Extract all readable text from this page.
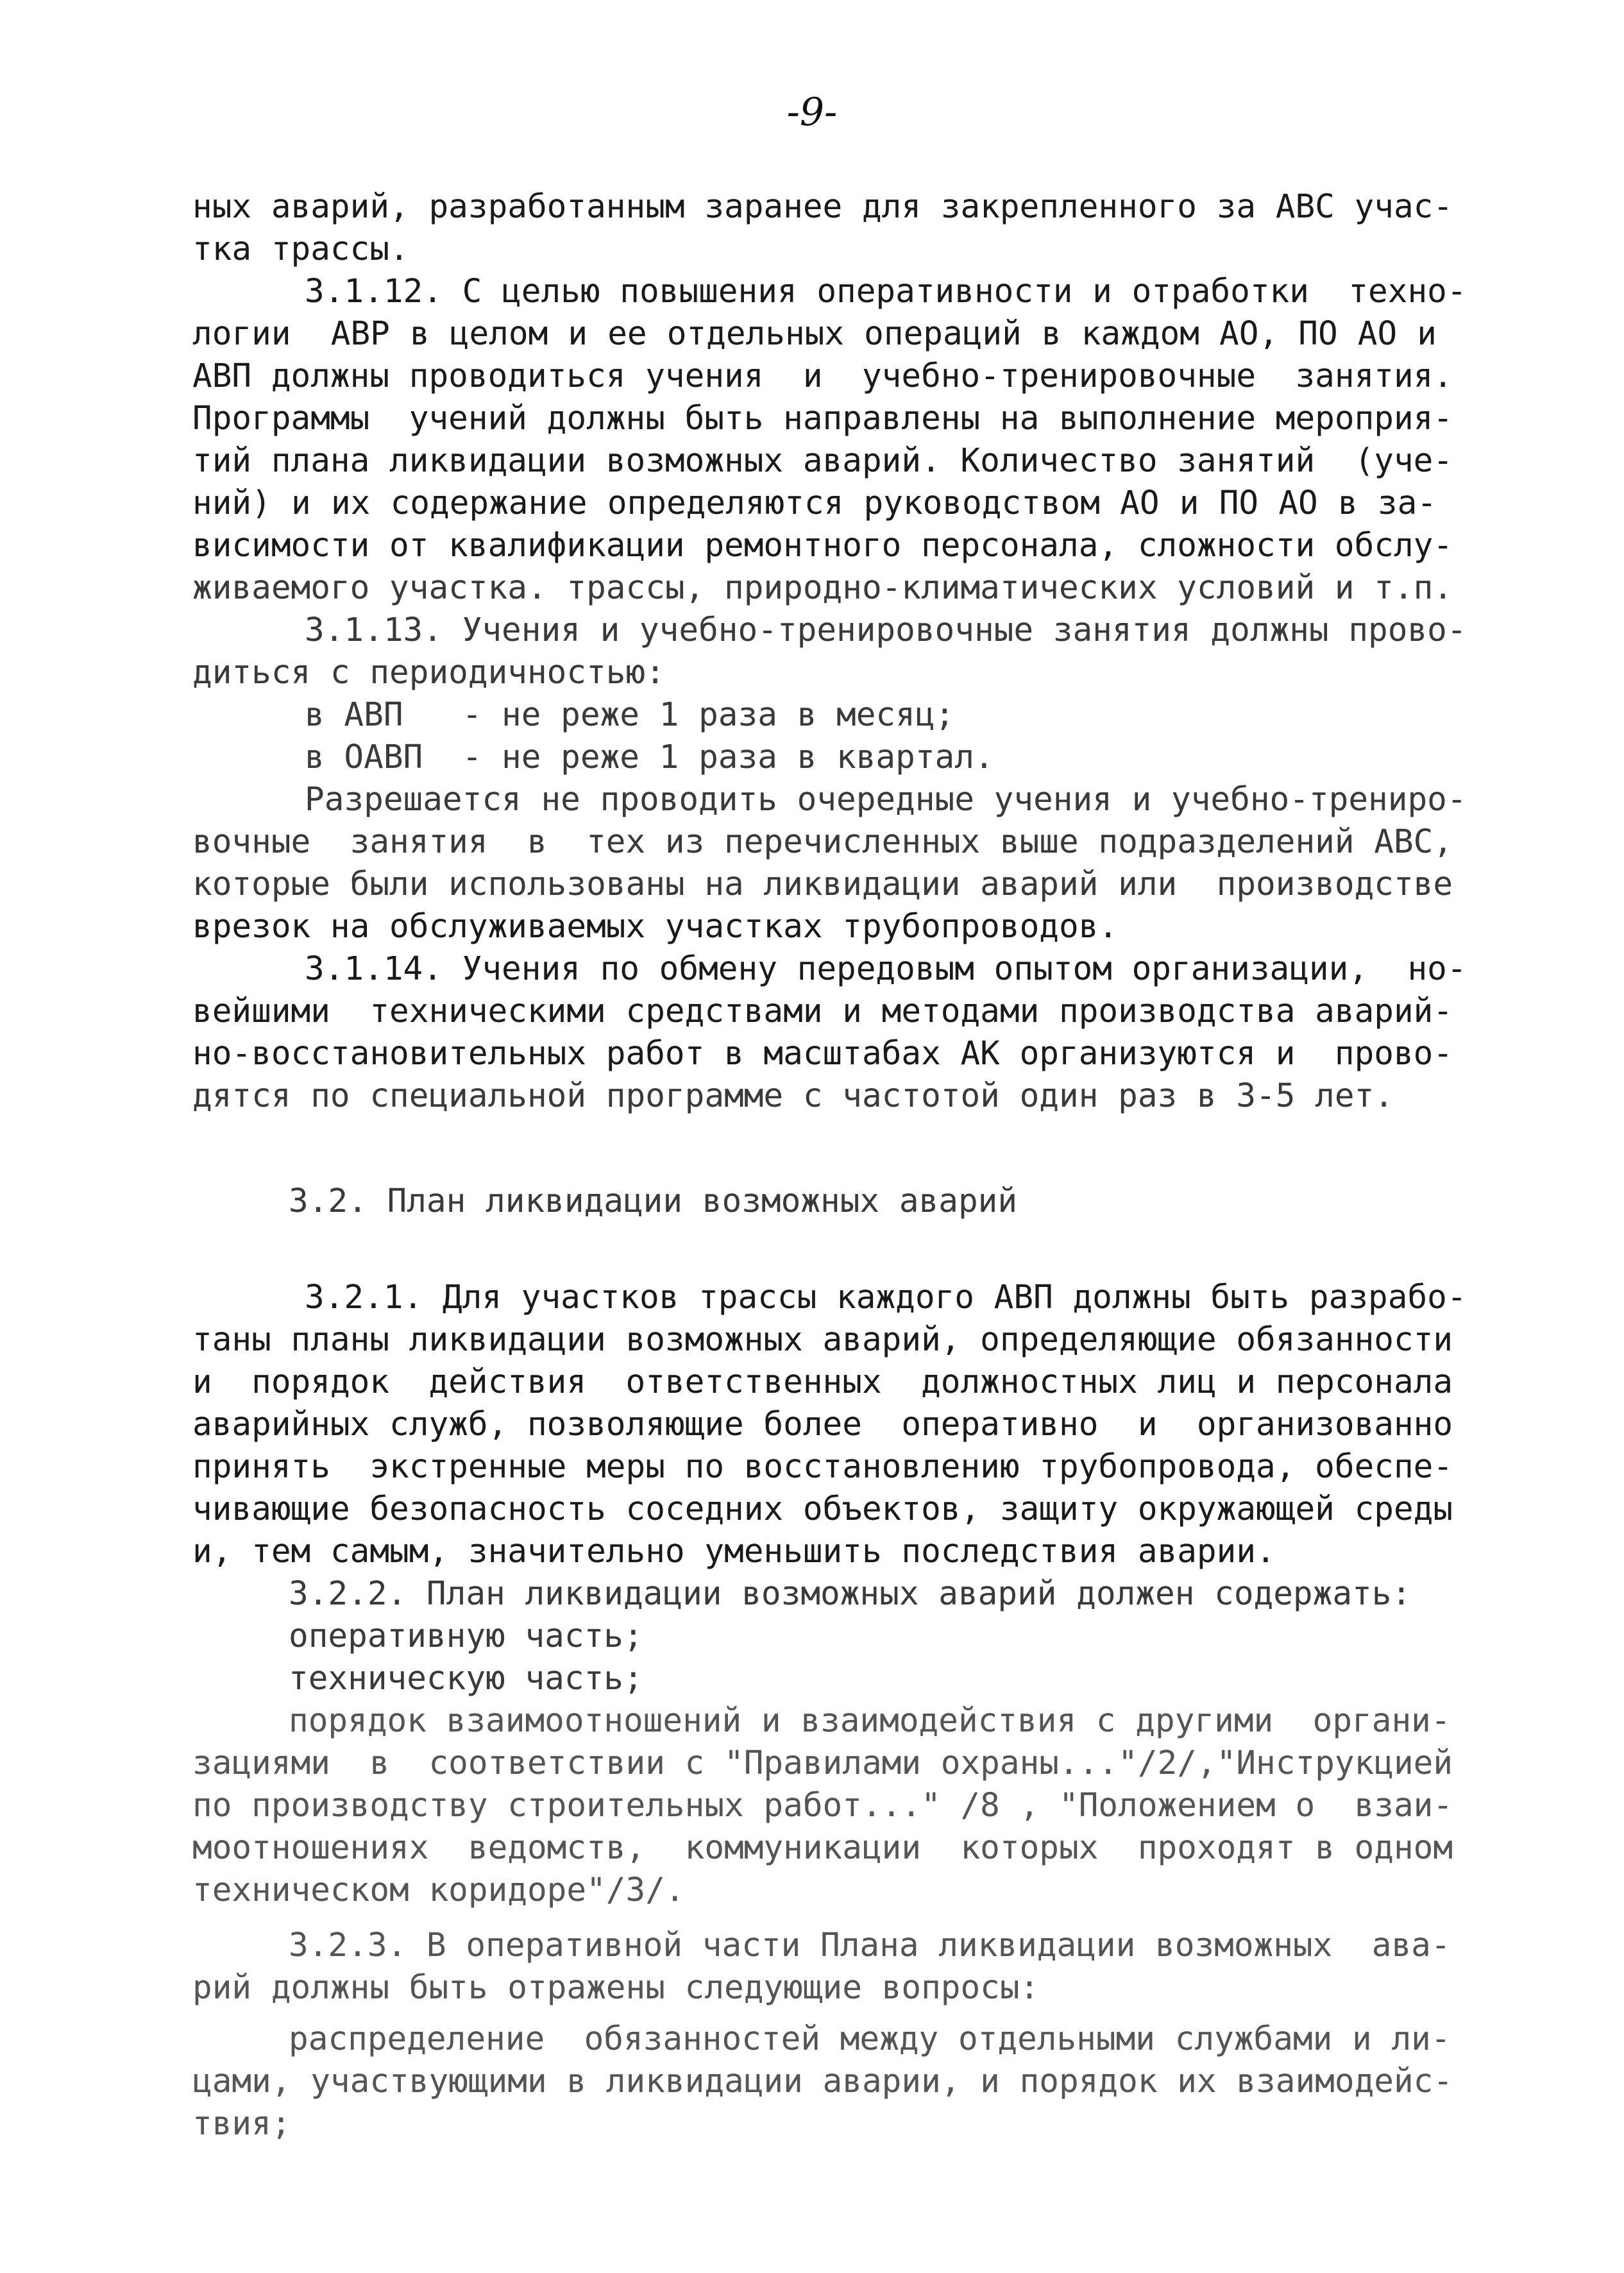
-9-
ных аварий, разработанным заранее для закрепленного за АВС учас-
тка трассы.
3.1.12. С целью повышения оперативности и отработки  техно-
логии  АВР в целом и ее отдельных операций в каждом АО, ПО АО и
АВП должны проводиться учения  и  учебно-тренировочные  занятия.
Программы  учений должны быть направлены на выполнение мероприя-
тий плана ликвидации возможных аварий. Количество занятий  (уче-
ний) и их содержание определяются руководством АО и ПО АО в за-
висимости от квалификации ремонтного персонала, сложности обслу-
живаемого участка. трассы, природно-климатических условий и т.п.
3.1.13. Учения и учебно-тренировочные занятия должны прово-
диться с периодичностью:
в АВП   - не реже 1 раза в месяц;
в ОАВП  - не реже 1 раза в квартал.
Разрешается не проводить очередные учения и учебно-трениро-
вочные  занятия  в  тех из перечисленных выше подразделений АВС,
которые были использованы на ликвидации аварий или  производстве
врезок на обслуживаемых участках трубопроводов.
3.1.14. Учения по обмену передовым опытом организации,  но-
вейшими  техническими средствами и методами производства аварий-
но-восстановительных работ в масштабах АК организуются и  прово-
дятся по специальной программе с частотой один раз в 3-5 лет.
3.2. План ликвидации возможных аварий
3.2.1. Для участков трассы каждого АВП должны быть разрабо-
таны планы ликвидации возможных аварий, определяющие обязанности
и  порядок  действия  ответственных  должностных лиц и персонала
аварийных служб, позволяющие более  оперативно  и  организованно
принять  экстренные меры по восстановлению трубопровода, обеспе-
чивающие безопасность соседних объектов, защиту окружающей среды
и, тем самым, значительно уменьшить последствия аварии.
3.2.2. План ликвидации возможных аварий должен содержать:
оперативную часть;
техническую часть;
порядок взаимоотношений и взаимодействия с другими  органи-
зациями  в  соответствии с "Правилами охраны..."/2/,"Инструкцией
по производству строительных работ..." /8 , "Положением о  взаи-
моотношениях  ведомств,  коммуникации  которых  проходят в одном
техническом коридоре"/3/.
3.2.3. В оперативной части Плана ликвидации возможных  ава-
рий должны быть отражены следующие вопросы:
распределение  обязанностей между отдельными службами и ли-
цами, участвующими в ликвидации аварии, и порядок их взаимодейс-
твия;
